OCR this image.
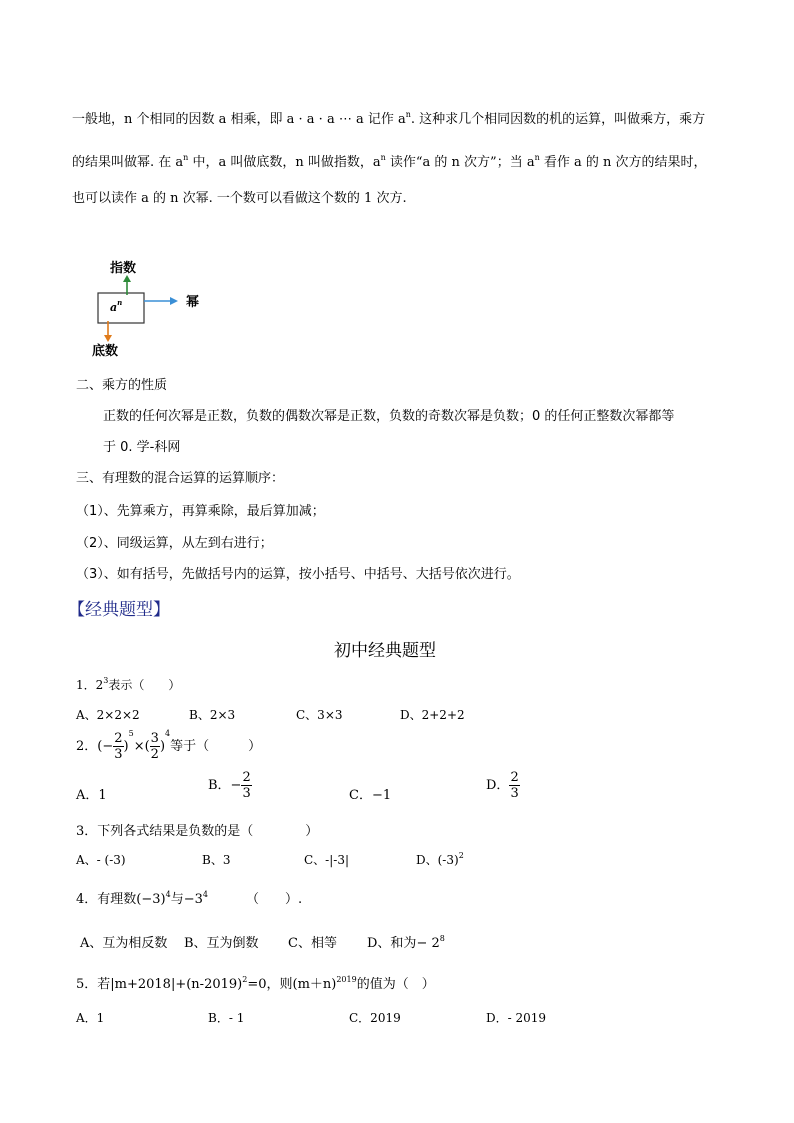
一般地，n 个相同的因数 a 相乘，即 a · a · a ⋯ a 记作 $a^n$. 这种求几个相同因数的机的运算，叫做乘方，乘方
的结果叫做幂. 在 $a^n$ 中，a 叫做底数，n 叫做指数，$a^n$ 读作“a 的 n 次方”；当 $a^n$ 看作 a 的 n 次方的结果时，
也可以读作 a 的 n 次幂. 一个数可以看做这个数的 1 次方.
指数
幂
底数
$a^n$
二、乘方的性质
正数的任何次幂是正数，负数的偶数次幂是正数，负数的奇数次幂是负数；0 的任何正整数次幂都等
于 0. 学-科网
三、有理数的混合运算的运算顺序：
（1）、先算乘方，再算乘除，最后算加减；
（2）、同级运算，从左到右进行；
（3）、如有括号，先做括号内的运算，按小括号、中括号、大括号依次进行。
【经典题型】
初中经典题型
1．$2^3$表示（　　）
A、2×2×2	B、2×3	C、3×3	D、2+2+2
2．(− $\frac{2}{3} )^5\times( \frac{3}{2} )^4$等于（　　　）
A．1
B．− $\frac{2}{3}$	C．−1
D． $\frac{2}{3}$
3．下列各式结果是负数的是（　　　　）
A、- (-3)	B、3	C、-|-3|	D、$(-3)^2$
4．有理数$(-3)^4$与$-3^4$	（　　）.
A、互为相反数 B、互为倒数 C、相等 D、和为− $2^8$
5．若$|m+2018|+(n-2019)^2=0$，则$(m+n)^{2019}$的值为（　）
A．1	B．- 1	C．2019	D．- 2019
